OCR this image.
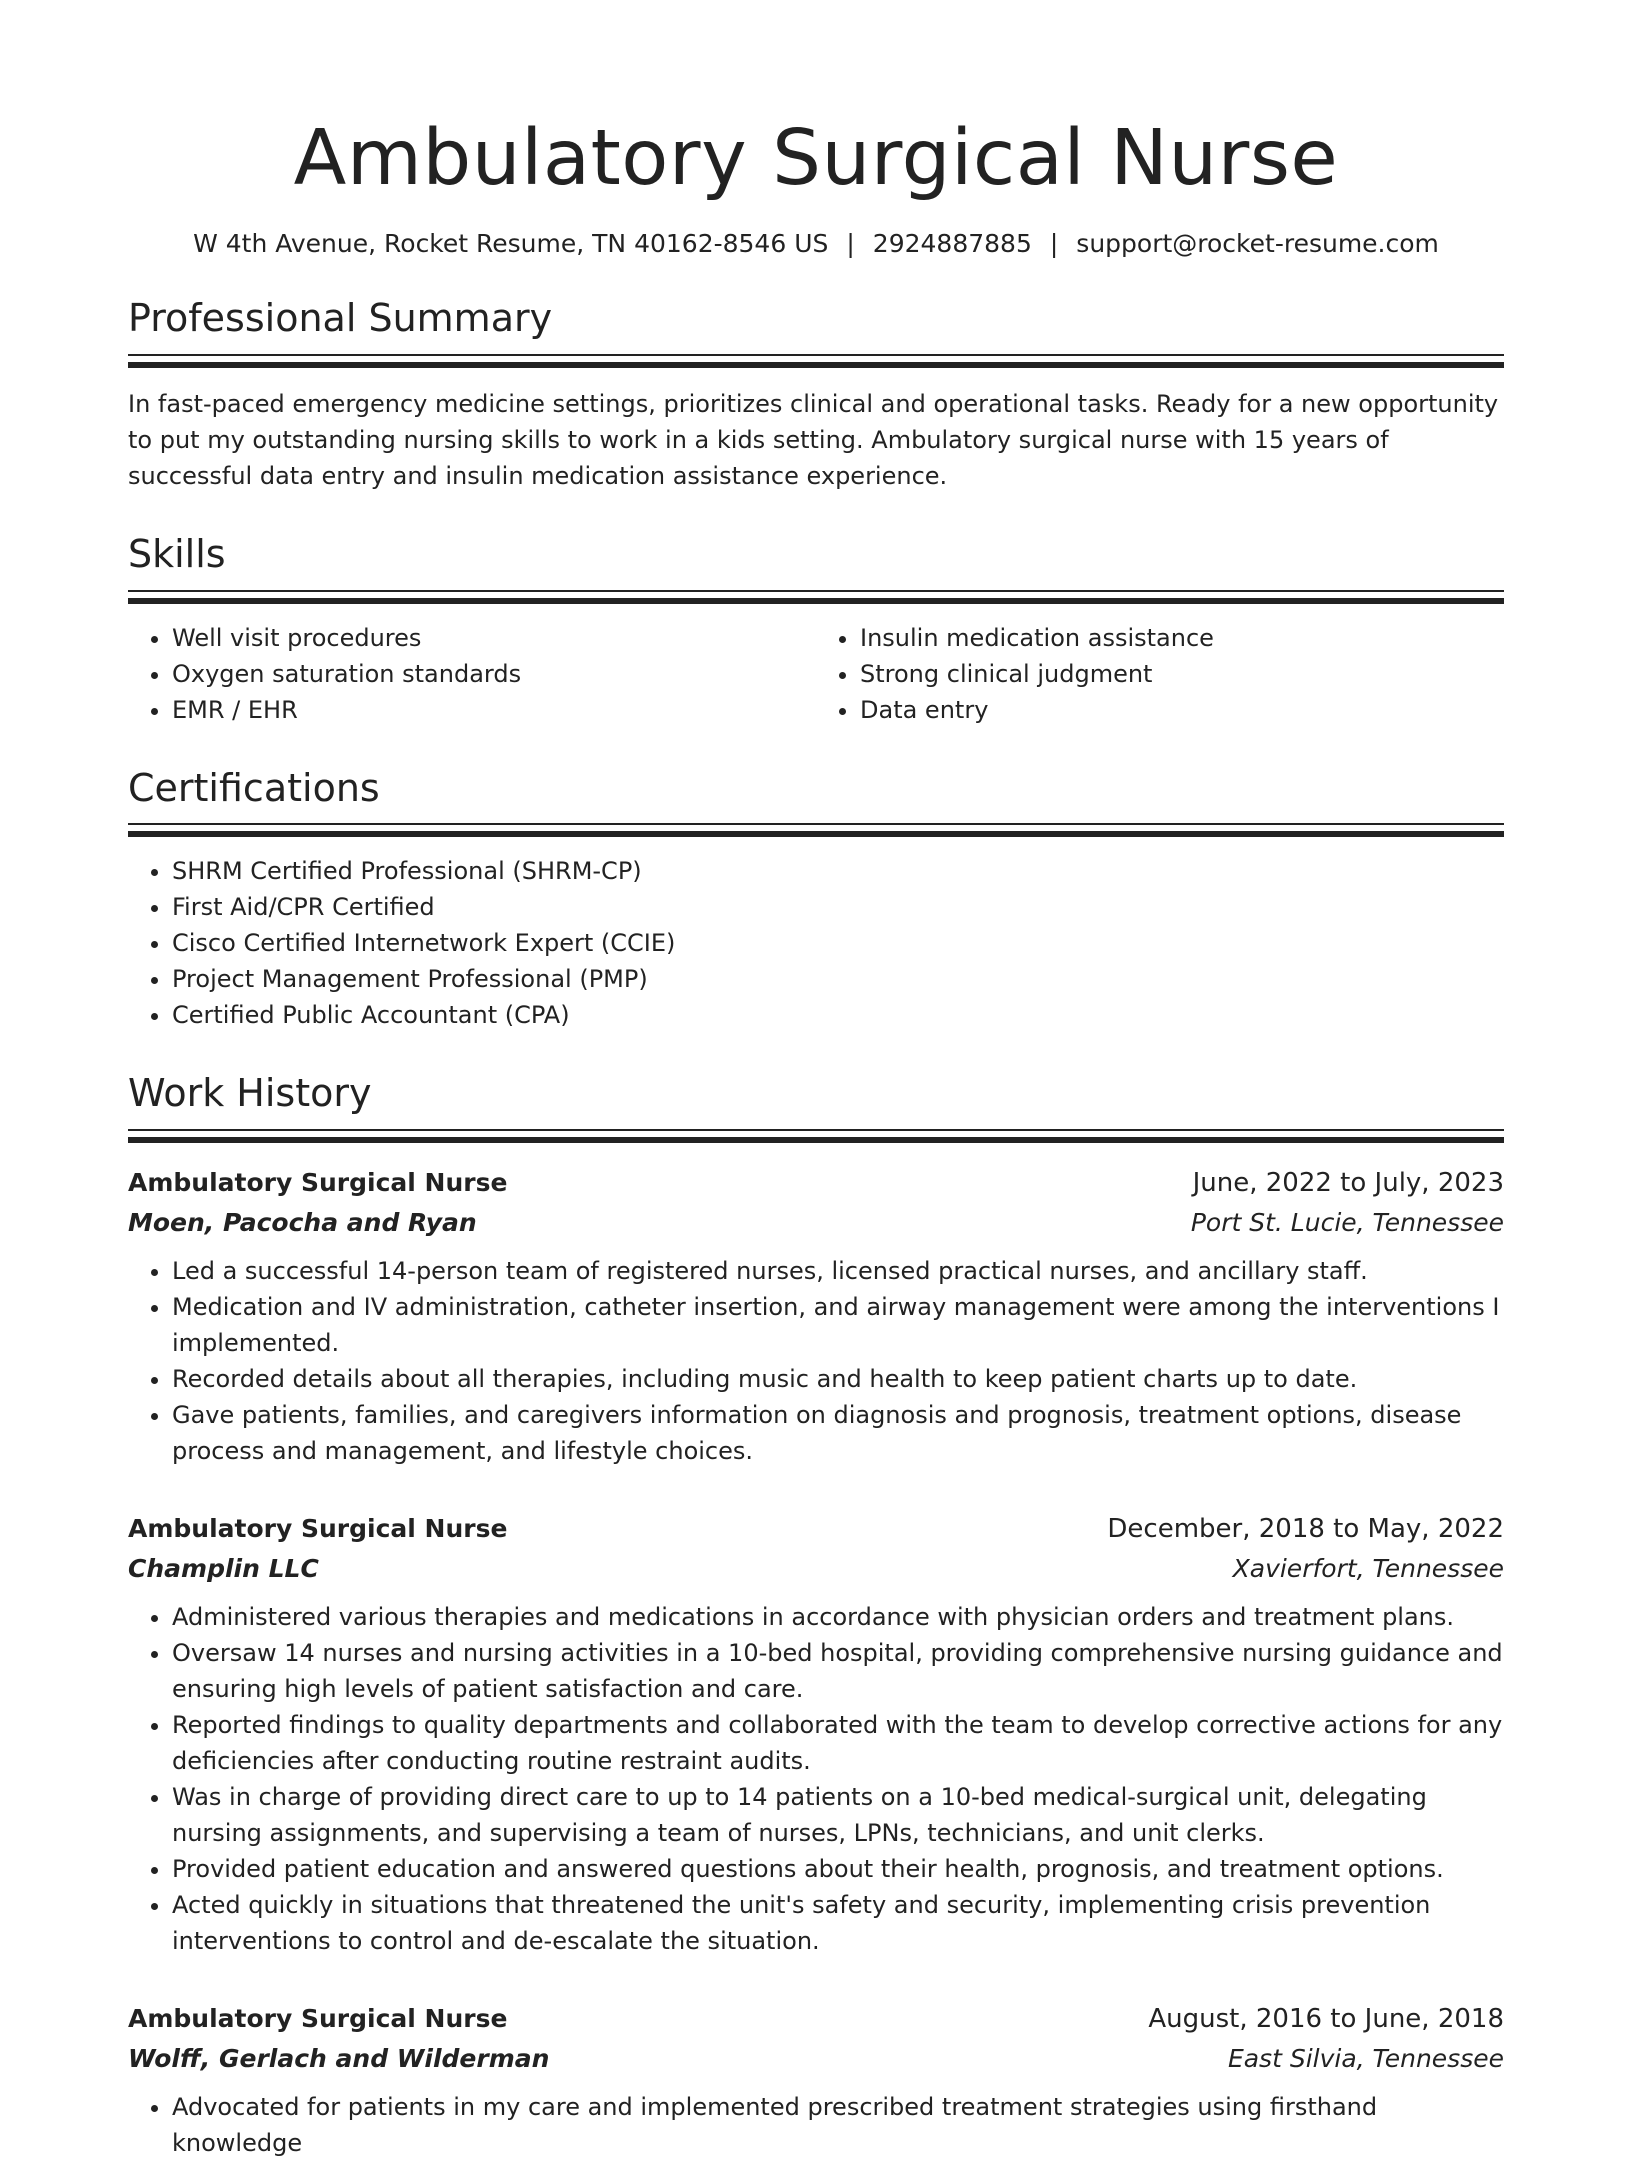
Ambulatory Surgical Nurse
W 4th Avenue, Rocket Resume, TN 40162-8546 US | 2924887885 | support@rocket-resume.com
Professional Summary

In fast-paced emergency medicine settings, prioritizes clinical and operational tasks. Ready for a new opportunity to put my outstanding nursing skills to work in a kids setting. Ambulatory surgical nurse with 15 years of successful data entry and insulin medication assistance experience.

Skills
• Well visit procedures
• Oxygen saturation standards
• EMR / EHR
• Insulin medication assistance
• Strong clinical judgment
• Data entry
Certifications
• SHRM Certified Professional (SHRM-CP)
• First Aid/CPR Certified
• Cisco Certified Internetwork Expert (CCIE)
• Project Management Professional (PMP)
• Certified Public Accountant (CPA)
Work History
Ambulatory Surgical Nurse	June, 2022 to July, 2023
Moen, Pacocha and Ryan	Port St. Lucie, Tennessee
• Led a successful 14-person team of registered nurses, licensed practical nurses, and ancillary staff.
• Medication and IV administration, catheter insertion, and airway management were among the interventions I implemented.
• Recorded details about all therapies, including music and health to keep patient charts up to date.
• Gave patients, families, and caregivers information on diagnosis and prognosis, treatment options, disease process and management, and lifestyle choices.
Ambulatory Surgical Nurse	December, 2018 to May, 2022
Champlin LLC	Xavierfort, Tennessee
• Administered various therapies and medications in accordance with physician orders and treatment plans.
• Oversaw 14 nurses and nursing activities in a 10-bed hospital, providing comprehensive nursing guidance and ensuring high levels of patient satisfaction and care.
• Reported findings to quality departments and collaborated with the team to develop corrective actions for any deficiencies after conducting routine restraint audits.
• Was in charge of providing direct care to up to 14 patients on a 10-bed medical-surgical unit, delegating nursing assignments, and supervising a team of nurses, LPNs, technicians, and unit clerks.
• Provided patient education and answered questions about their health, prognosis, and treatment options.
• Acted quickly in situations that threatened the unit's safety and security, implementing crisis prevention interventions to control and de-escalate the situation.
Ambulatory Surgical Nurse	August, 2016 to June, 2018
Wolff, Gerlach and Wilderman	East Silvia, Tennessee
• Advocated for patients in my care and implemented prescribed treatment strategies using firsthand knowledge
